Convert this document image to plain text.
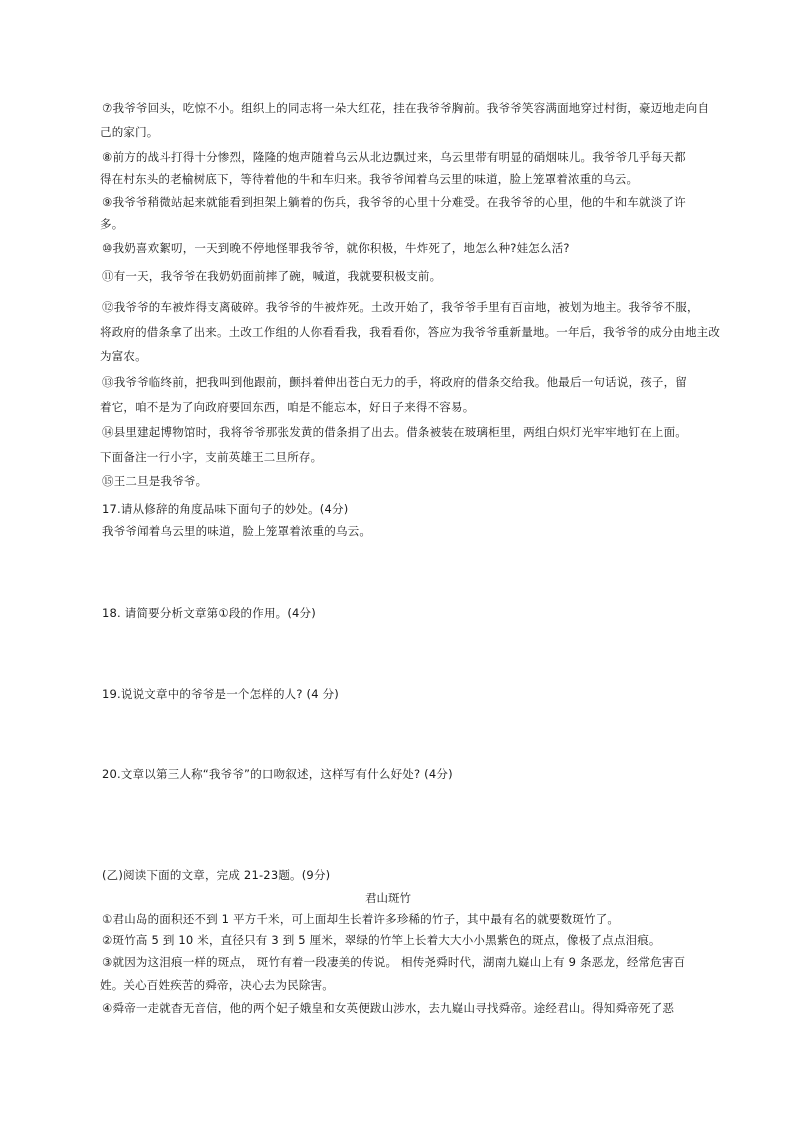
⑦我爷爷回头，吃惊不小。组织上的同志将一朵大红花，挂在我爷爷胸前。我爷爷笑容满面地穿过村街，豪迈地走向自
己的家门。
⑧前方的战斗打得十分惨烈，隆隆的炮声随着乌云从北边飘过来，乌云里带有明显的硝烟味儿。我爷爷几乎每天都
得在村东头的老榆树底下，等待着他的牛和车归来。我爷爷闻着乌云里的味道，脸上笼罩着浓重的乌云。
⑨我爷爷稍微站起来就能看到担架上躺着的伤兵，我爷爷的心里十分难受。在我爷爷的心里，他的牛和车就淡了许
多。
⑩我奶喜欢絮叨，一天到晚不停地怪罪我爷爷，就你积极，牛炸死了，地怎么种?娃怎么活?
⑪有一天，我爷爷在我奶奶面前摔了碗，喊道，我就要积极支前。
⑫我爷爷的车被炸得支离破碎。我爷爷的牛被炸死。土改开始了，我爷爷手里有百亩地，被划为地主。我爷爷不服，
将政府的借条拿了出来。土改工作组的人你看看我，我看看你，答应为我爷爷重新量地。一年后，我爷爷的成分由地主改
为富农。
⑬我爷爷临终前，把我叫到他跟前，颤抖着伸出苍白无力的手，将政府的借条交给我。他最后一句话说，孩子，留
着它，咱不是为了向政府要回东西，咱是不能忘本，好日子来得不容易。
⑭县里建起博物馆时，我将爷爷那张发黄的借条捐了出去。借条被装在玻璃柜里，两组白炽灯光牢牢地钉在上面。
下面备注一行小字，支前英雄王二旦所存。
⑮王二旦是我爷爷。
17.请从修辞的角度品味下面句子的妙处。(4分)
我爷爷闻着乌云里的味道，脸上笼罩着浓重的乌云。
18. 请简要分析文章第①段的作用。(4分)
19.说说文章中的爷爷是一个怎样的人? (4 分)
20.文章以第三人称“我爷爷”的口吻叙述，这样写有什么好处? (4分)
(乙)阅读下面的文章，完成 21-23题。(9分)
君山斑竹
①君山岛的面积还不到 1 平方千米，可上面却生长着许多珍稀的竹子，其中最有名的就要数斑竹了。
②斑竹高 5 到 10 米，直径只有 3 到 5 厘米，翠绿的竹竿上长着大大小小黑紫色的斑点，像极了点点泪痕。
③就因为这泪痕一样的斑点， 斑竹有着一段凄美的传说。 相传尧舜时代，湖南九嶷山上有 9 条恶龙，经常危害百
姓。关心百姓疾苦的舜帝，决心去为民除害。
④舜帝一走就杳无音信，他的两个妃子娥皇和女英便跋山涉水，去九嶷山寻找舜帝。途经君山。得知舜帝死了恶
